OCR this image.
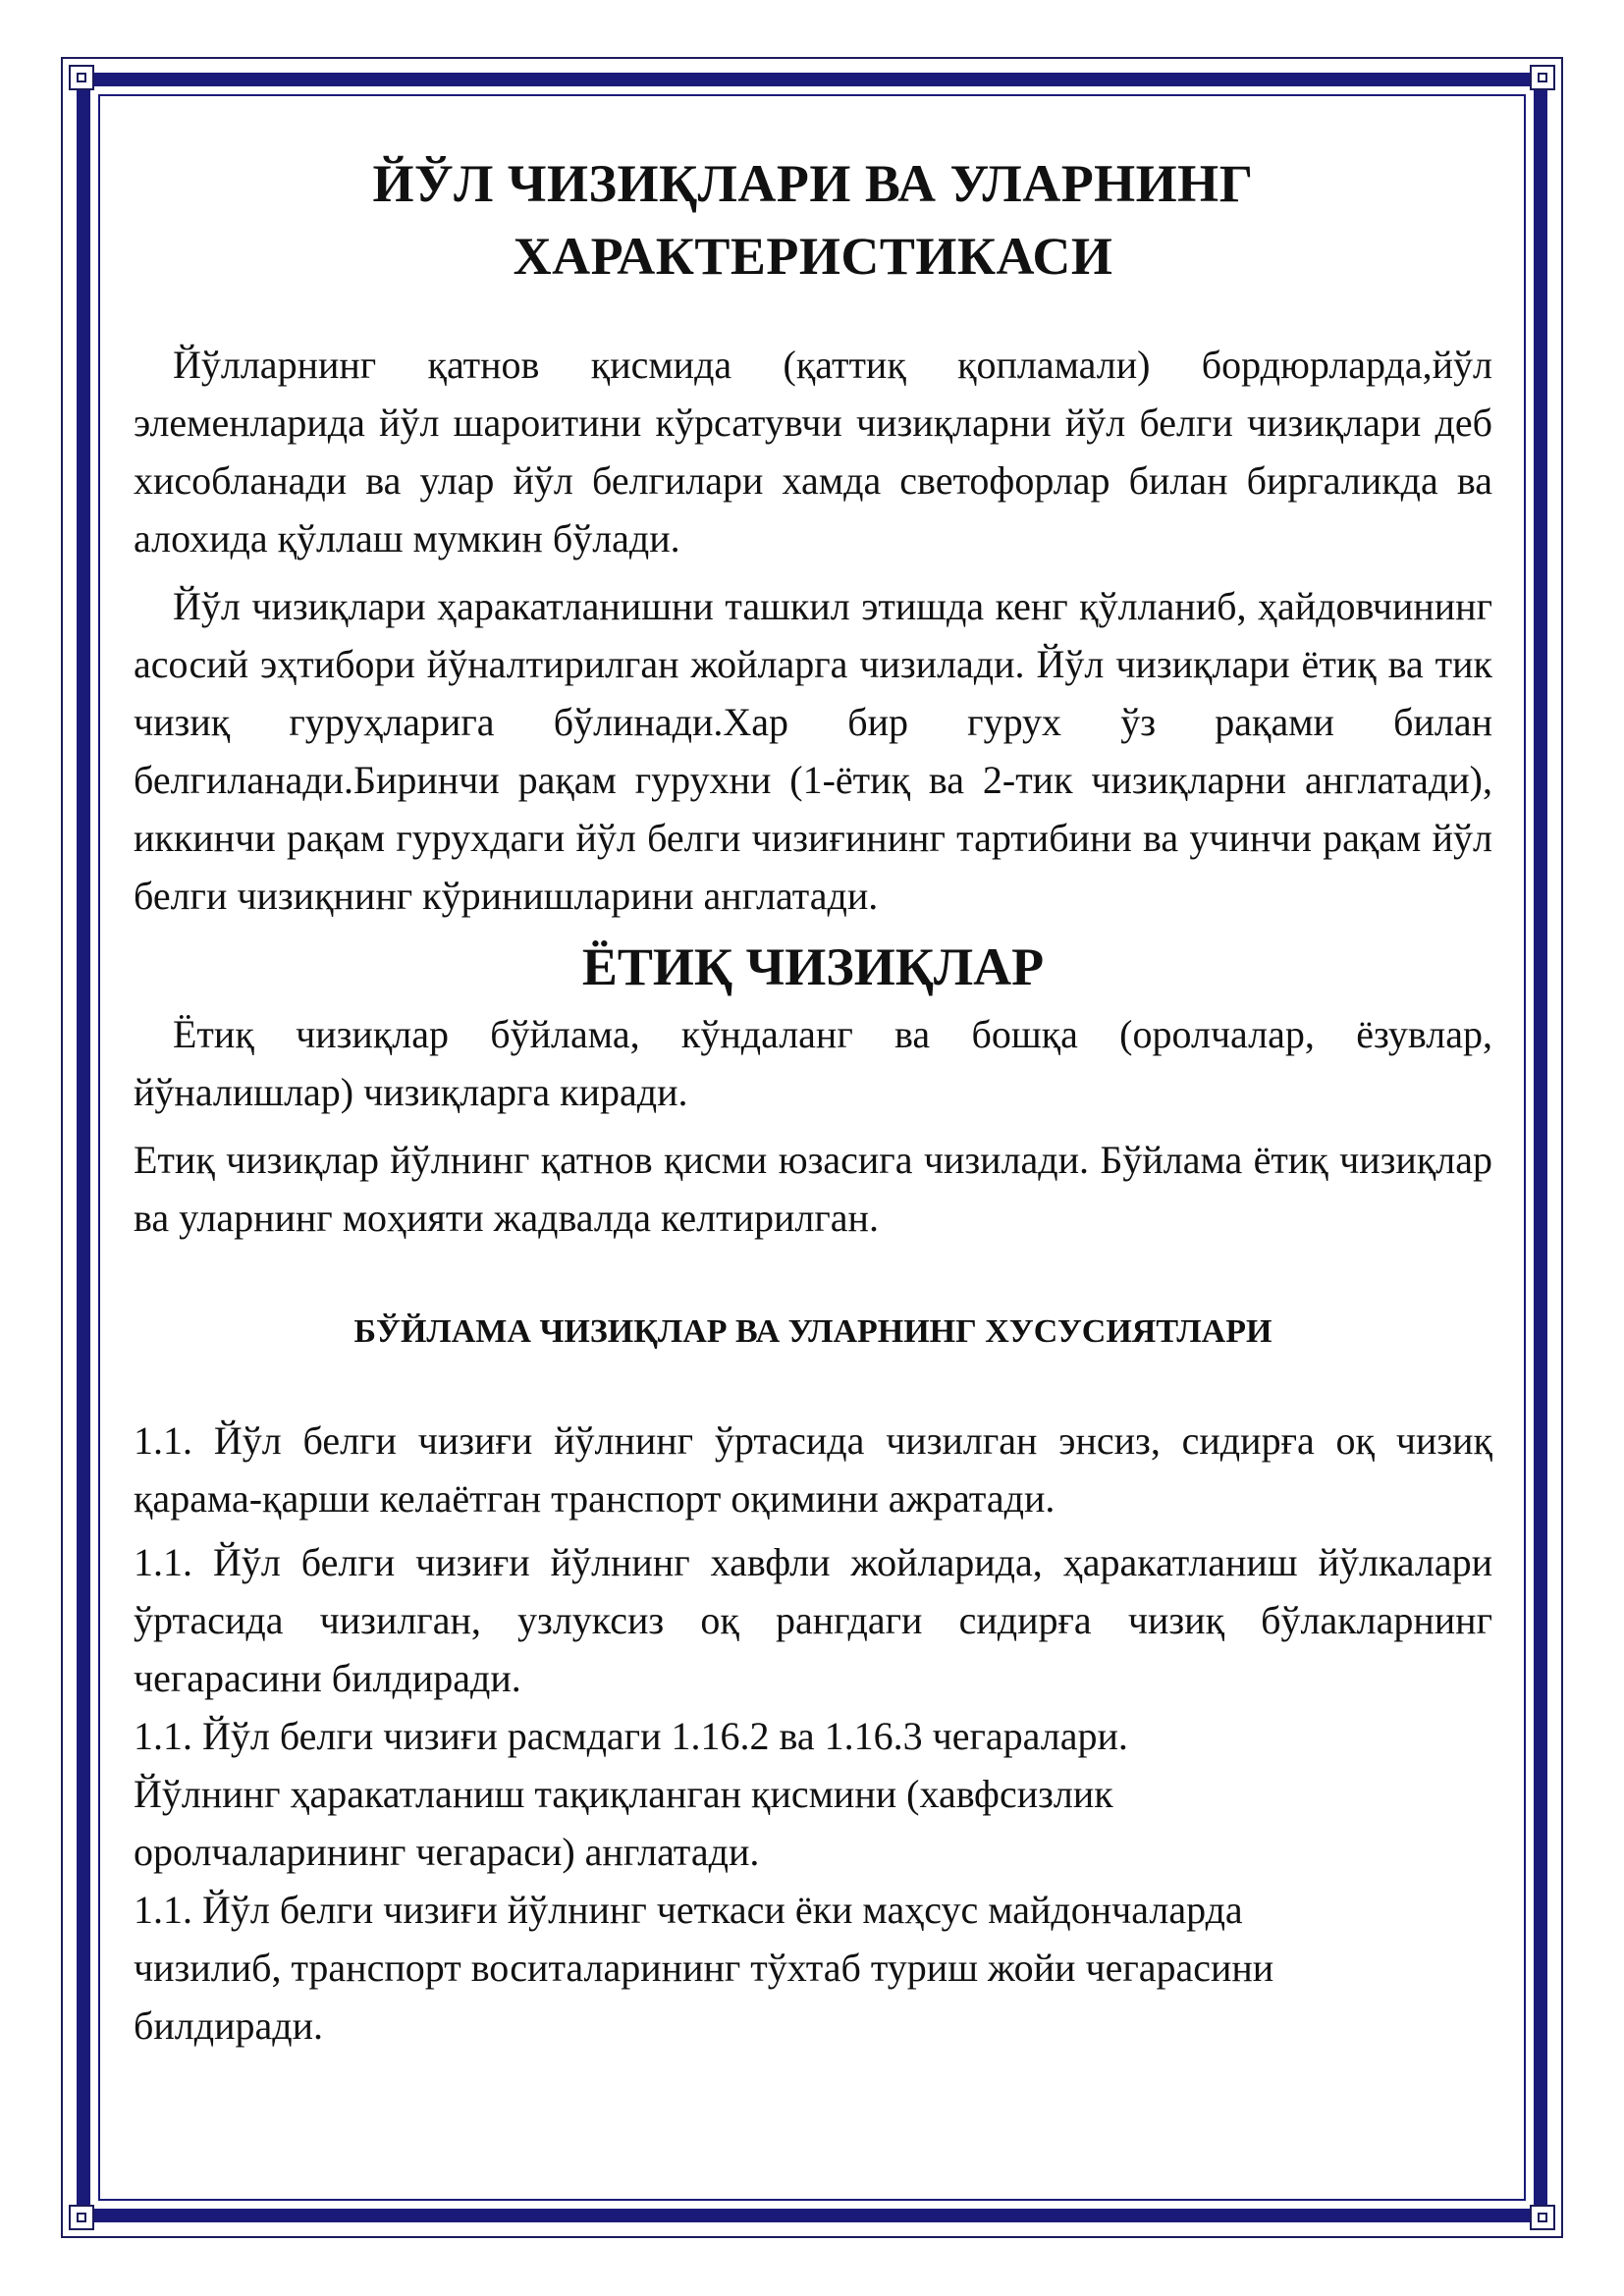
ЙЎЛ ЧИЗИҚЛАРИ ВА УЛАРНИНГ
ХАРАКТЕРИСТИКАСИ

Йўлларнинг қатнов қисмида (қаттиқ қопламали) бордюрларда,йўл элеменларида йўл шароитини кўрсатувчи чизиқларни йўл белги чизиқлари деб хисобланади ва улар йўл белгилари хамда светофорлар билан биргаликда ва алохида қўллаш мумкин бўлади.

Йўл чизиқлари ҳаракатланишни ташкил этишда кенг қўлланиб, ҳайдовчининг асосий эҳтибори йўналтирилган жойларга чизилади. Йўл чизиқлари ётиқ ва тик чизиқ гуруҳларига бўлинади.Хар бир гурух ўз рақами билан белгиланади.Биринчи рақам гурухни (1-ётиқ ва 2-тик чизиқларни англатади), иккинчи рақам гурухдаги йўл белги чизиғининг тартибини ва учинчи рақам йўл белги чизиқнинг кўринишларини англатади.

ЁТИҚ ЧИЗИҚЛАР

Ётиқ чизиқлар бўйлама, кўндаланг ва бошқа (оролчалар, ёзувлар, йўналишлар) чизиқларга киради.

Етиқ чизиқлар йўлнинг қатнов қисми юзасига чизилади. Бўйлама ётиқ чизиқлар ва уларнинг моҳияти жадвалда келтирилган.

БЎЙЛАМА ЧИЗИҚЛАР ВА УЛАРНИНГ ХУСУСИЯТЛАРИ

1.1. Йўл белги чизиғи йўлнинг ўртасида чизилган энсиз, сидирға оқ чизиқ қарама-қарши келаётган транспорт оқимини ажратади.

1.1. Йўл белги чизиғи йўлнинг хавфли жойларида, ҳаракатланиш йўлкалари ўртасида чизилган, узлуксиз оқ рангдаги сидирға чизиқ бўлакларнинг чегарасини билдиради.

1.1. Йўл белги чизиғи расмдаги 1.16.2 ва 1.16.3 чегаралари.

Йўлнинг ҳаракатланиш тақиқланган қисмини (хавфсизлик

оролчаларининг чегараси) англатади.

1.1. Йўл белги чизиғи йўлнинг четкаси ёки маҳсус майдончаларда

чизилиб, транспорт воситаларининг тўхтаб туриш жойи чегарасини

билдиради.
